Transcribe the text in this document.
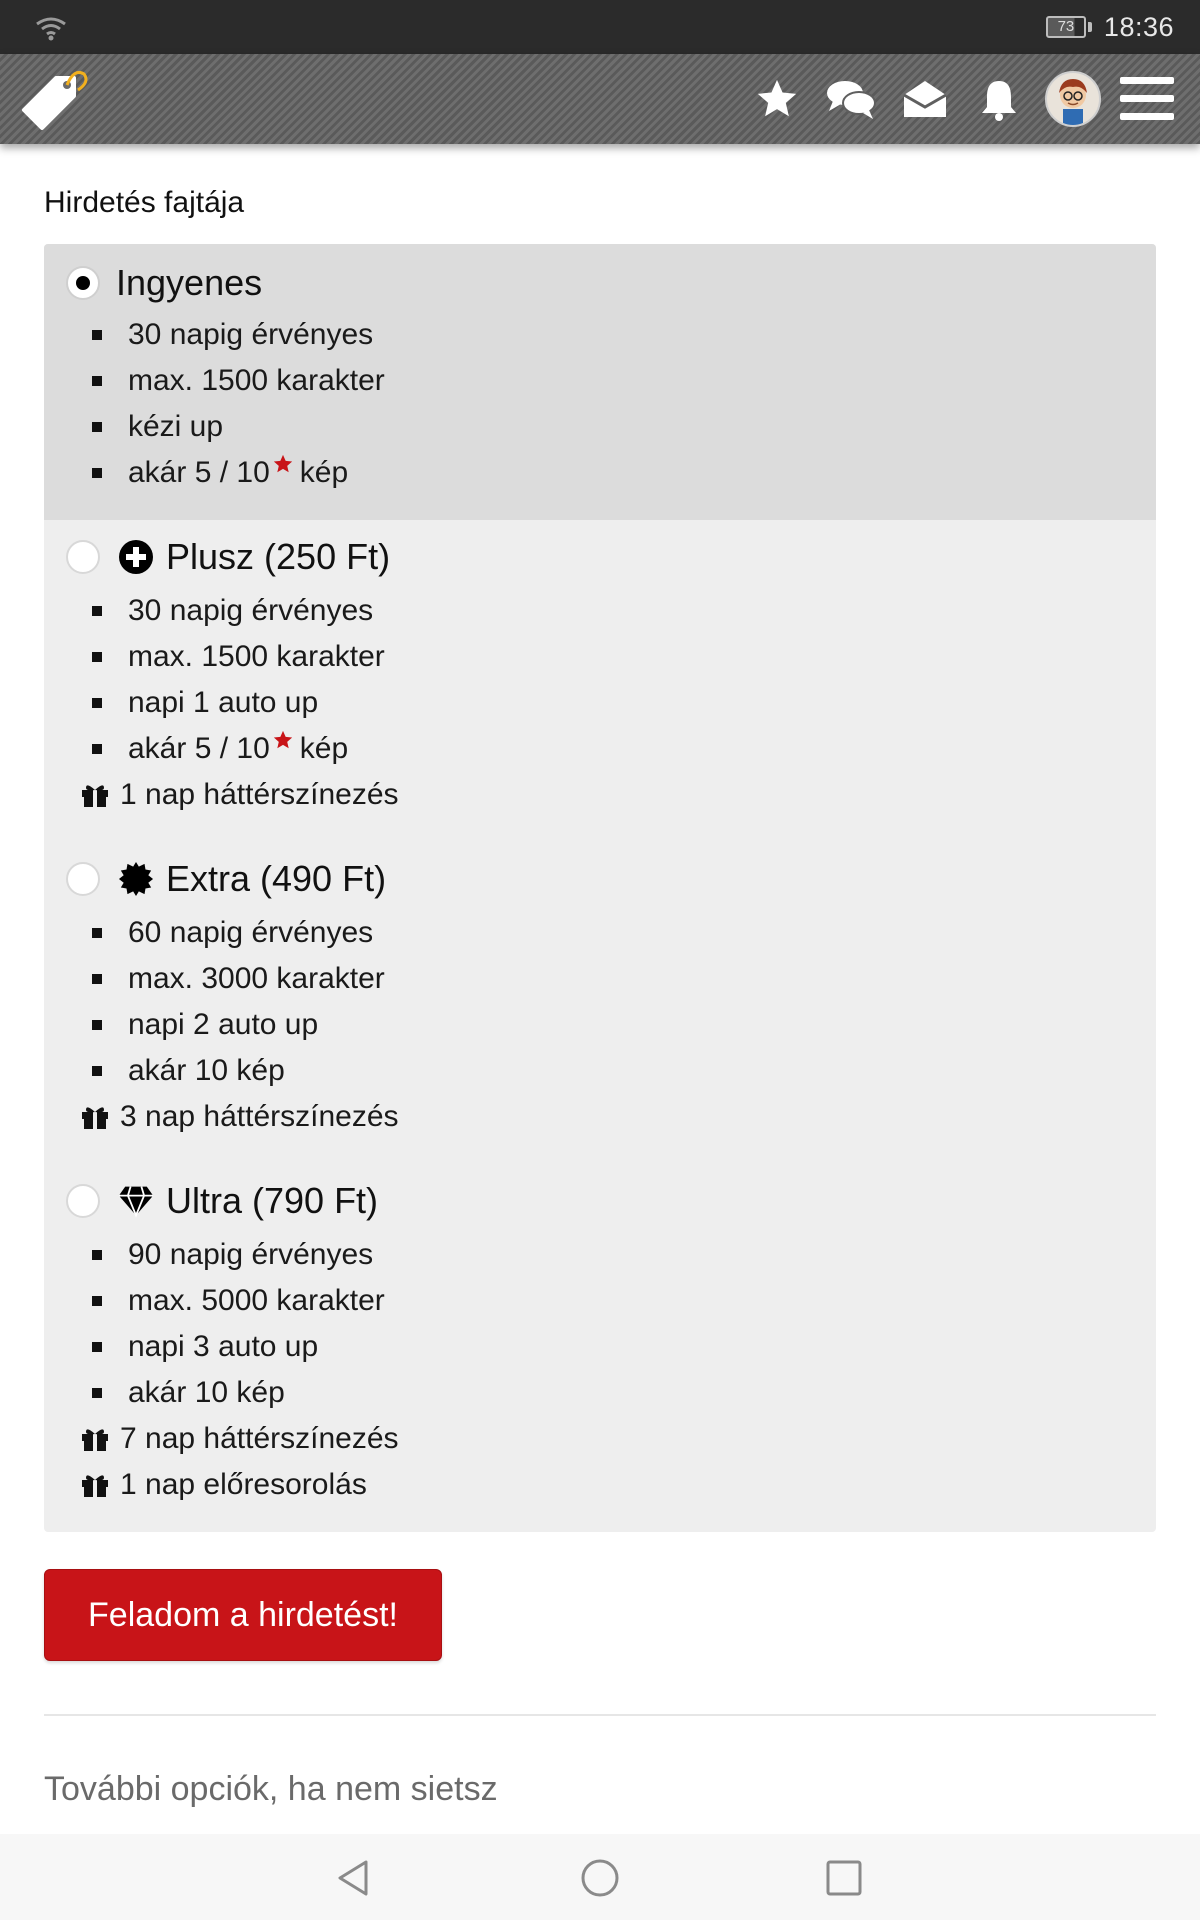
73	18:36
Hirdetés fajtája
Ingyenes
30 napig érvényes
max. 1500 karakter
kézi up
akár 5 / 10 kép
Plusz (250 Ft)
30 napig érvényes
max. 1500 karakter
napi 1 auto up
akár 5 / 10 kép
1 nap háttérszínezés
Extra (490 Ft)
60 napig érvényes
max. 3000 karakter
napi 2 auto up
akár 10 kép
3 nap háttérszínezés
Ultra (790 Ft)
90 napig érvényes
max. 5000 karakter
napi 3 auto up
akár 10 kép
7 nap háttérszínezés
1 nap előresorolás
Feladom a hirdetést!
További opciók, ha nem sietsz
